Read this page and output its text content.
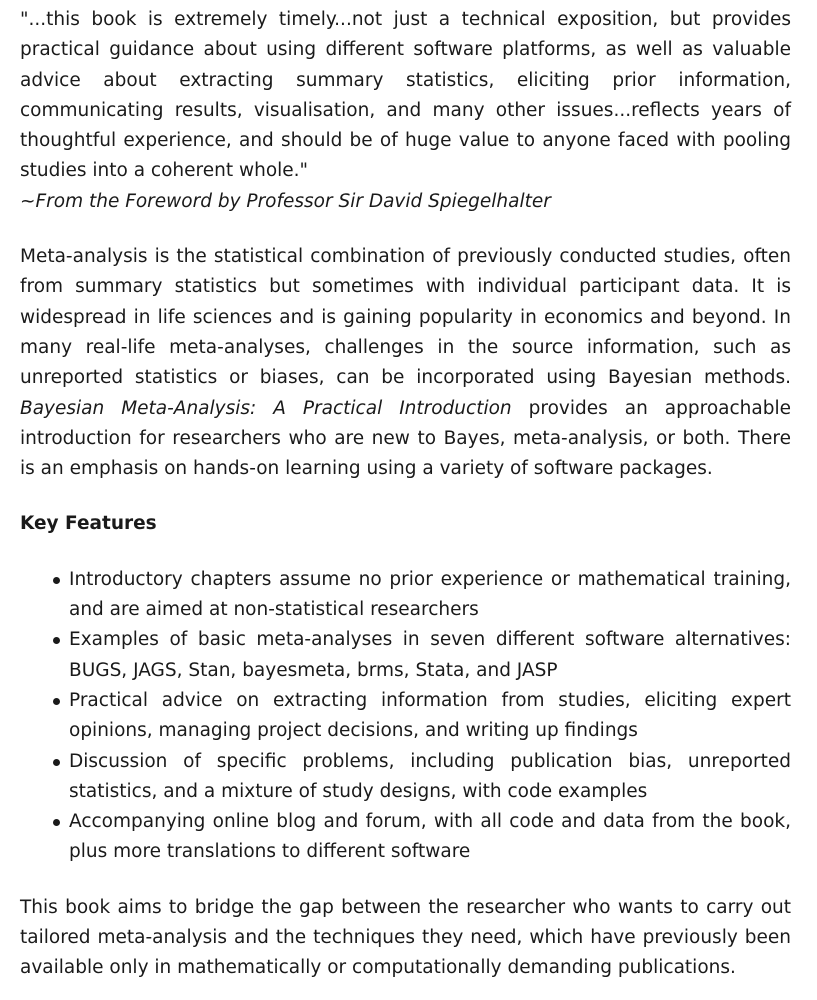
"...this book is extremely timely...not just a technical exposition, but provides practical guidance about using different software platforms, as well as valuable advice about extracting summary statistics, eliciting prior information, communicating results, visualisation, and many other issues...reflects years of thoughtful experience, and should be of huge value to anyone faced with pooling studies into a coherent whole."

~From the Foreword by Professor Sir David Spiegelhalter

Meta-analysis is the statistical combination of previously conducted studies, often from summary statistics but sometimes with individual participant data. It is widespread in life sciences and is gaining popularity in economics and beyond. In many real-life meta-analyses, challenges in the source information, such as unreported statistics or biases, can be incorporated using Bayesian methods. Bayesian Meta-Analysis: A Practical Introduction provides an approachable introduction for researchers who are new to Bayes, meta-analysis, or both. There is an emphasis on hands-on learning using a variety of software packages.

Key Features

Introductory chapters assume no prior experience or mathematical training, and are aimed at non-statistical researchers
Examples of basic meta-analyses in seven different software alternatives: BUGS, JAGS, Stan, bayesmeta, brms, Stata, and JASP
Practical advice on extracting information from studies, eliciting expert opinions, managing project decisions, and writing up findings
Discussion of specific problems, including publication bias, unreported statistics, and a mixture of study designs, with code examples
Accompanying online blog and forum, with all code and data from the book, plus more translations to different software

This book aims to bridge the gap between the researcher who wants to carry out tailored meta-analysis and the techniques they need, which have previously been available only in mathematically or computationally demanding publications.
